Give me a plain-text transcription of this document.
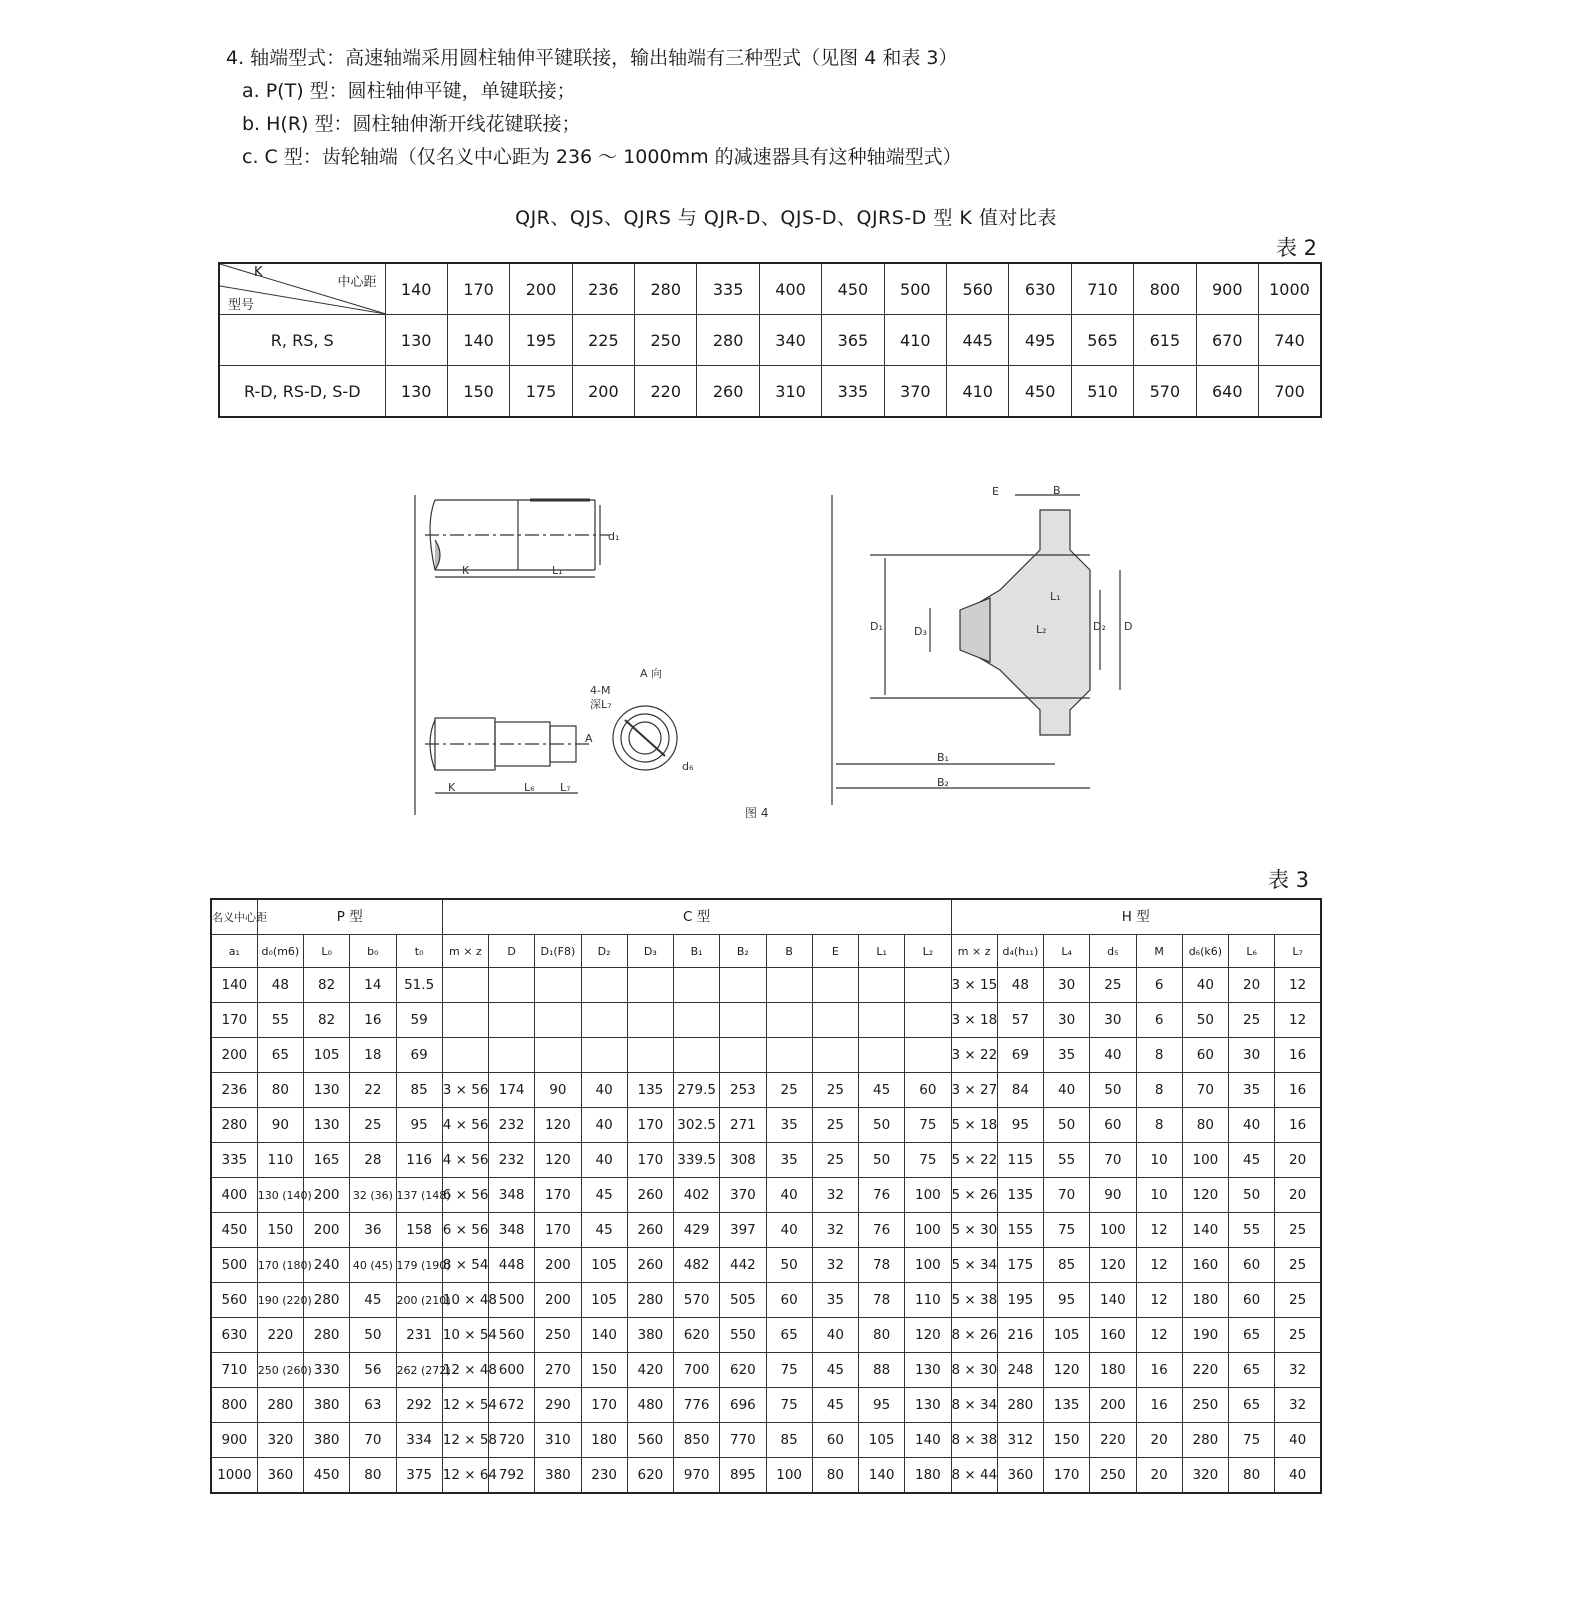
4. 轴端型式：高速轴端采用圆柱轴伸平键联接，输出轴端有三种型式（见图 4 和表 3）
a. P(T) 型：圆柱轴伸平键，单键联接；
b. H(R) 型：圆柱轴伸渐开线花键联接；
c. C 型：齿轮轴端（仅名义中心距为 236 ～ 1000mm 的减速器具有这种轴端型式）
QJR、QJS、QJRS 与 QJR-D、QJS-D、QJRS-D 型 K 值对比表
表 2
K
中心距
型号	140	170	200	236	280	335	400	450	500	560	630	710	800	900	1000
R, RS, S	130	140	195	225	250	280	340	365	410	445	495	565	615	670	740
R-D, RS-D, S-D	130	150	175	200	220	260	310	335	370	410	450	510	570	640	700
K	L₁
d₁
K	L₆ L₇
A
A 向
4-M
深L₇
d₆
E	B
L₁
L₂
D₁	D₃	D₂ D
B₁
B₂
图 4
表 3
名义中心距	P 型				C 型											H 型							
a₁	d₀(m6)	L₀	b₀	t₀	m × z	D	D₁(F8)	D₂	D₃	B₁	B₂	B	E	L₁	L₂	m × z	d₄(h₁₁)	L₄	d₅	M	d₆(k6)	L₆	L₇
140	48	82	14	51.5												3 × 15	48	30	25	6	40	20	12
170	55	82	16	59												3 × 18	57	30	30	6	50	25	12
200	65	105	18	69												3 × 22	69	35	40	8	60	30	16
236	80	130	22	85	3 × 56	174	90	40	135	279.5	253	25	25	45	60	3 × 27	84	40	50	8	70	35	16
280	90	130	25	95	4 × 56	232	120	40	170	302.5	271	35	25	50	75	5 × 18	95	50	60	8	80	40	16
335	110	165	28	116	4 × 56	232	120	40	170	339.5	308	35	25	50	75	5 × 22	115	55	70	10	100	45	20
400	130 (140)	200	32 (36)	137 (148)	6 × 56	348	170	45	260	402	370	40	32	76	100	5 × 26	135	70	90	10	120	50	20
450	150	200	36	158	6 × 56	348	170	45	260	429	397	40	32	76	100	5 × 30	155	75	100	12	140	55	25
500	170 (180)	240	40 (45)	179 (190)	8 × 54	448	200	105	260	482	442	50	32	78	100	5 × 34	175	85	120	12	160	60	25
560	190 (220)	280	45	200 (210)	10 × 48	500	200	105	280	570	505	60	35	78	110	5 × 38	195	95	140	12	180	60	25
630	220	280	50	231	10 × 54	560	250	140	380	620	550	65	40	80	120	8 × 26	216	105	160	12	190	65	25
710	250 (260)	330	56	262 (272)	12 × 48	600	270	150	420	700	620	75	45	88	130	8 × 30	248	120	180	16	220	65	32
800	280	380	63	292	12 × 54	672	290	170	480	776	696	75	45	95	130	8 × 34	280	135	200	16	250	65	32
900	320	380	70	334	12 × 58	720	310	180	560	850	770	85	60	105	140	8 × 38	312	150	220	20	280	75	40
1000	360	450	80	375	12 × 64	792	380	230	620	970	895	100	80	140	180	8 × 44	360	170	250	20	320	80	40
